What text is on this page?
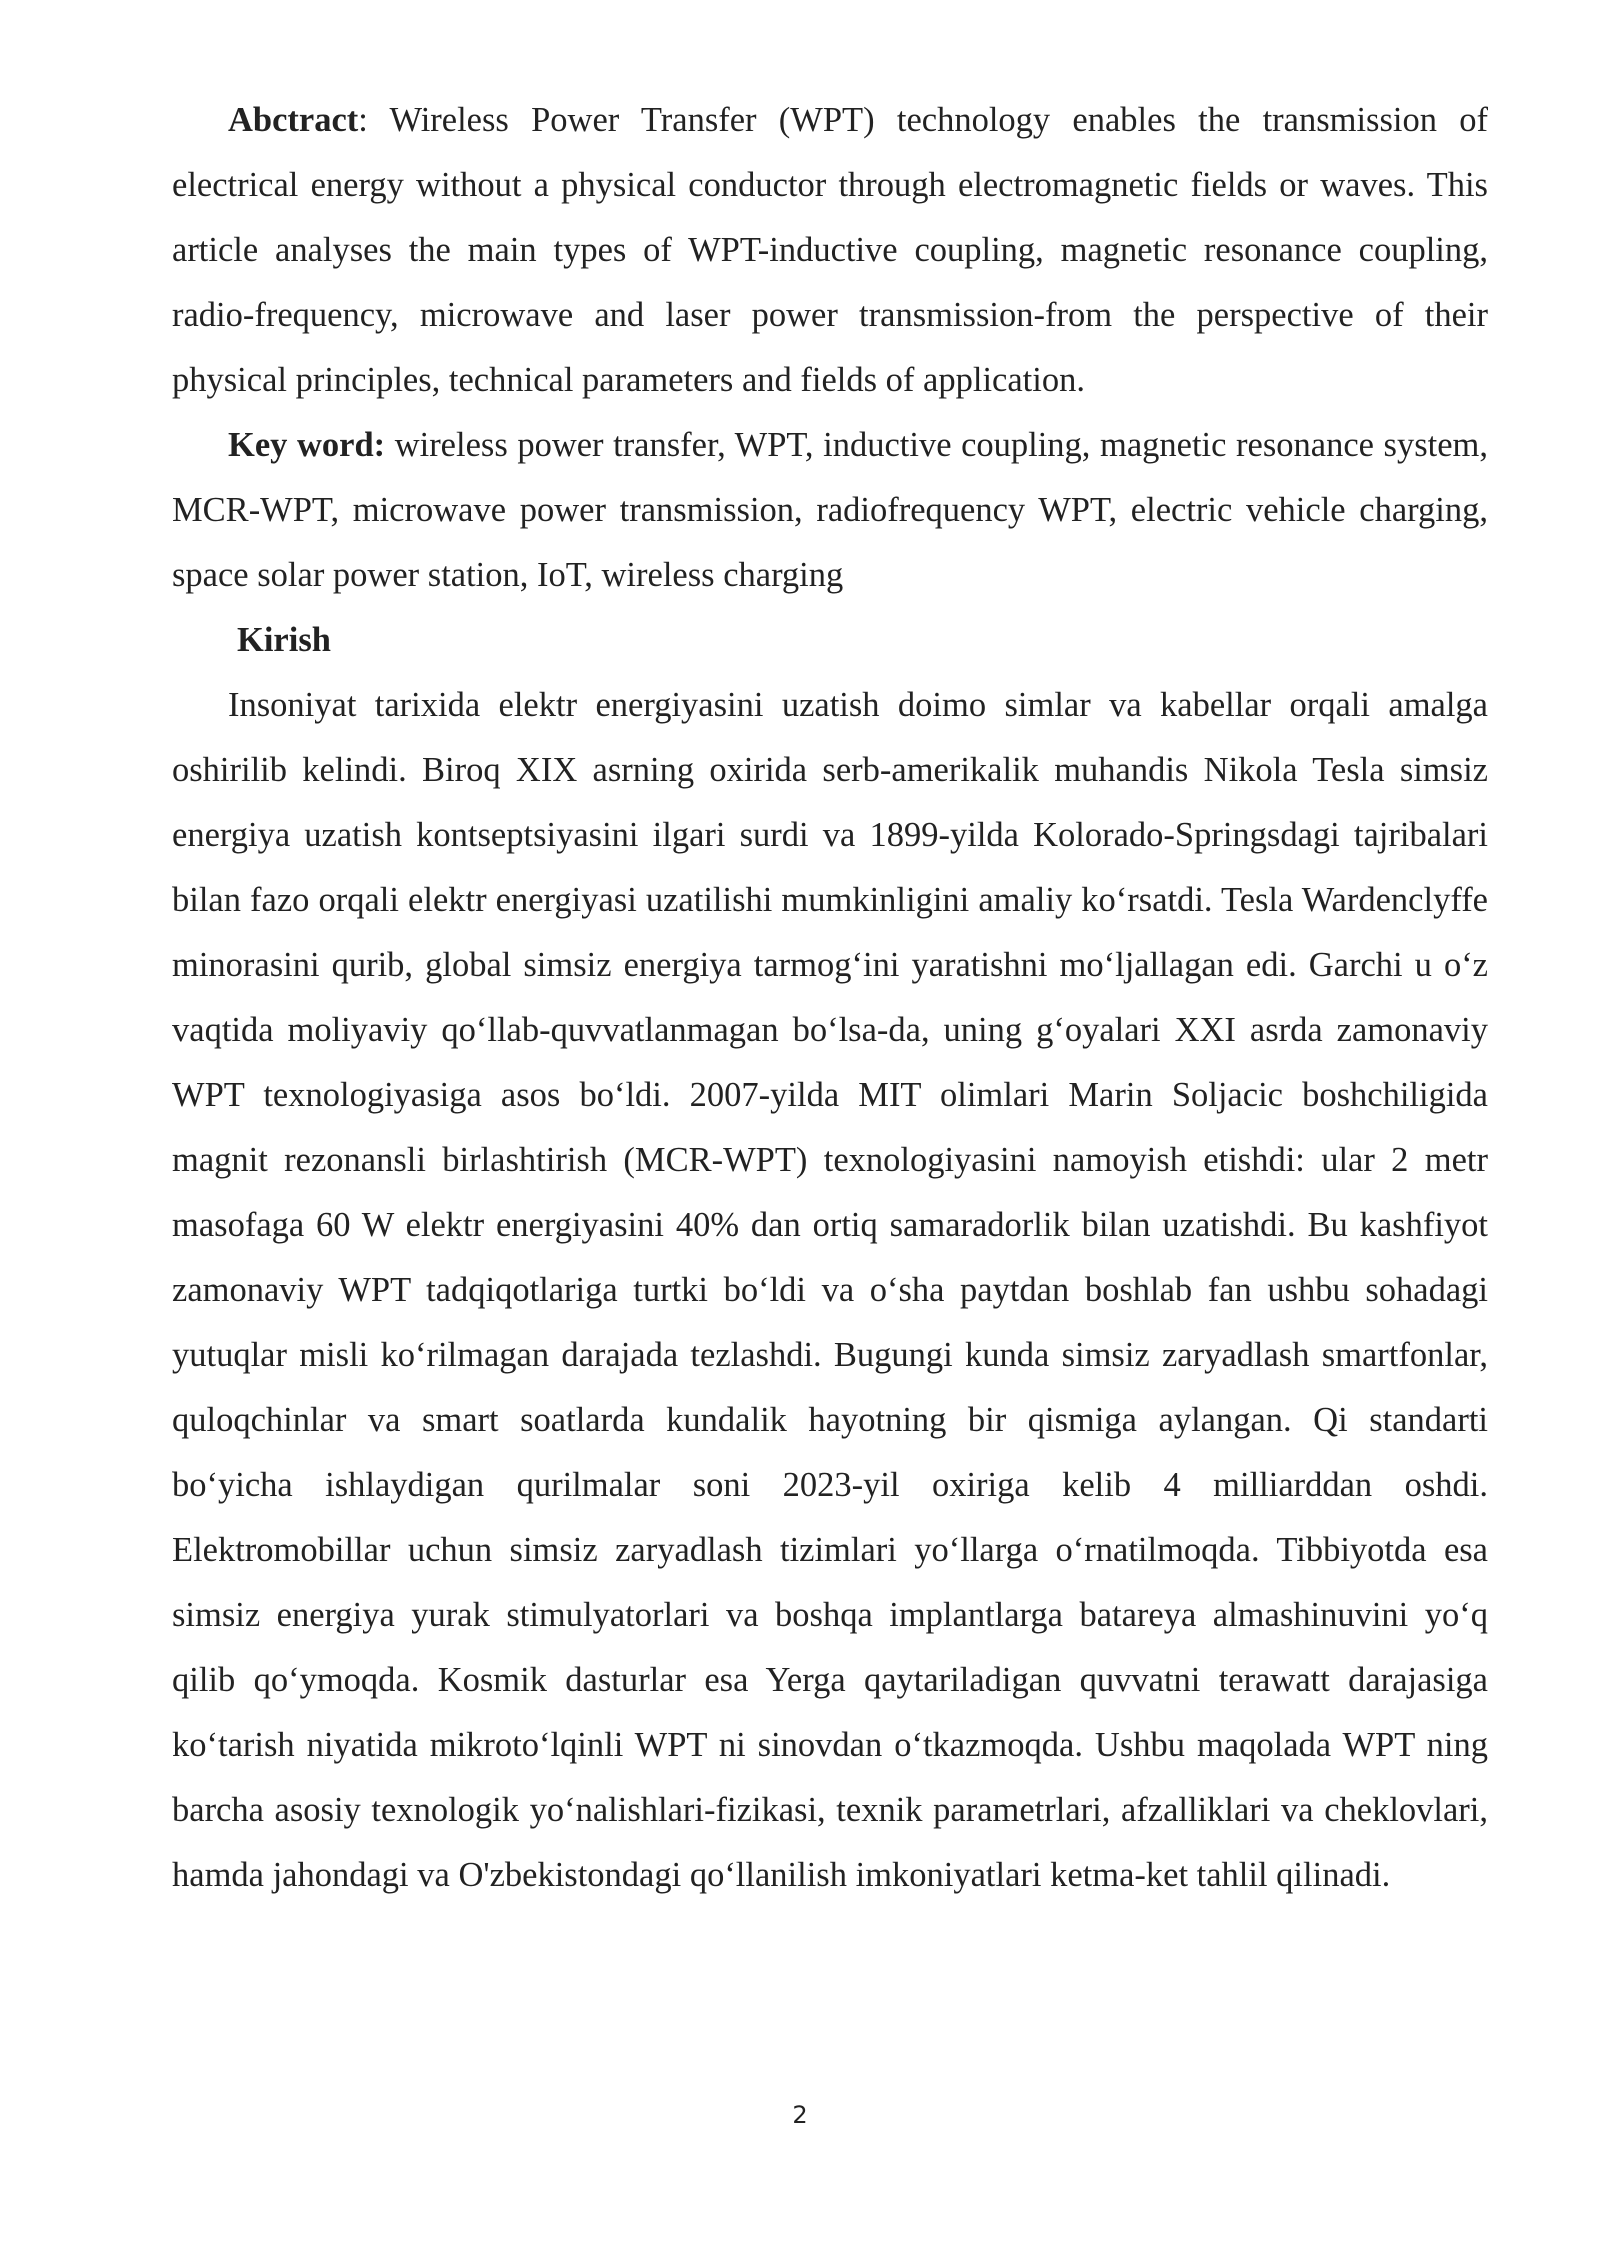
Abctract: Wireless Power Transfer (WPT) technology enables the transmission of electrical energy without a physical conductor through electromagnetic fields or waves. This article analyses the main types of WPT-inductive coupling, magnetic resonance coupling, radio-frequency, microwave and laser power transmission-from the perspective of their physical principles, technical parameters and fields of application.

Key word: wireless power transfer, WPT, inductive coupling, magnetic resonance system, MCR-WPT, microwave power transmission, radiofrequency WPT, electric vehicle charging, space solar power station, IoT, wireless charging

Kirish

Insoniyat tarixida elektr energiyasini uzatish doimo simlar va kabellar orqali amalga oshirilib kelindi. Biroq XIX asrning oxirida serb-amerikalik muhandis Nikola Tesla simsiz energiya uzatish kontseptsiyasini ilgari surdi va 1899-yilda Kolorado-Springsdagi tajribalari bilan fazo orqali elektr energiyasi uzatilishi mumkinligini amaliy ko‘rsatdi. Tesla Wardenclyffe minorasini qurib, global simsiz energiya tarmog‘ini yaratishni mo‘ljallagan edi. Garchi u o‘z vaqtida moliyaviy qo‘llab-quvvatlanmagan bo‘lsa-da, uning g‘oyalari XXI asrda zamonaviy WPT texnologiyasiga asos bo‘ldi. 2007-yilda MIT olimlari Marin Soljacic boshchiligida magnit rezonansli birlashtirish (MCR-WPT) texnologiyasini namoyish etishdi: ular 2 metr masofaga 60 W elektr energiyasini 40% dan ortiq samaradorlik bilan uzatishdi. Bu kashfiyot zamonaviy WPT tadqiqotlariga turtki bo‘ldi va o‘sha paytdan boshlab fan ushbu sohadagi yutuqlar misli ko‘rilmagan darajada tezlashdi. Bugungi kunda simsiz zaryadlash smartfonlar, quloqchinlar va smart soatlarda kundalik hayotning bir qismiga aylangan. Qi standarti bo‘yicha ishlaydigan qurilmalar soni 2023-yil oxiriga kelib 4 milliarddan oshdi. Elektromobillar uchun simsiz zaryadlash tizimlari yo‘llarga o‘rnatilmoqda. Tibbiyotda esa simsiz energiya yurak stimulyatorlari va boshqa implantlarga batareya almashinuvini yo‘q qilib qo‘ymoqda. Kosmik dasturlar esa Yerga qaytariladigan quvvatni terawatt darajasiga ko‘tarish niyatida mikroto‘lqinli WPT ni sinovdan o‘tkazmoqda. Ushbu maqolada WPT ning barcha asosiy texnologik yo‘nalishlari-fizikasi, texnik parametrlari, afzalliklari va cheklovlari, hamda jahondagi va O'zbekistondagi qo‘llanilish imkoniyatlari ketma-ket tahlil qilinadi.

2
